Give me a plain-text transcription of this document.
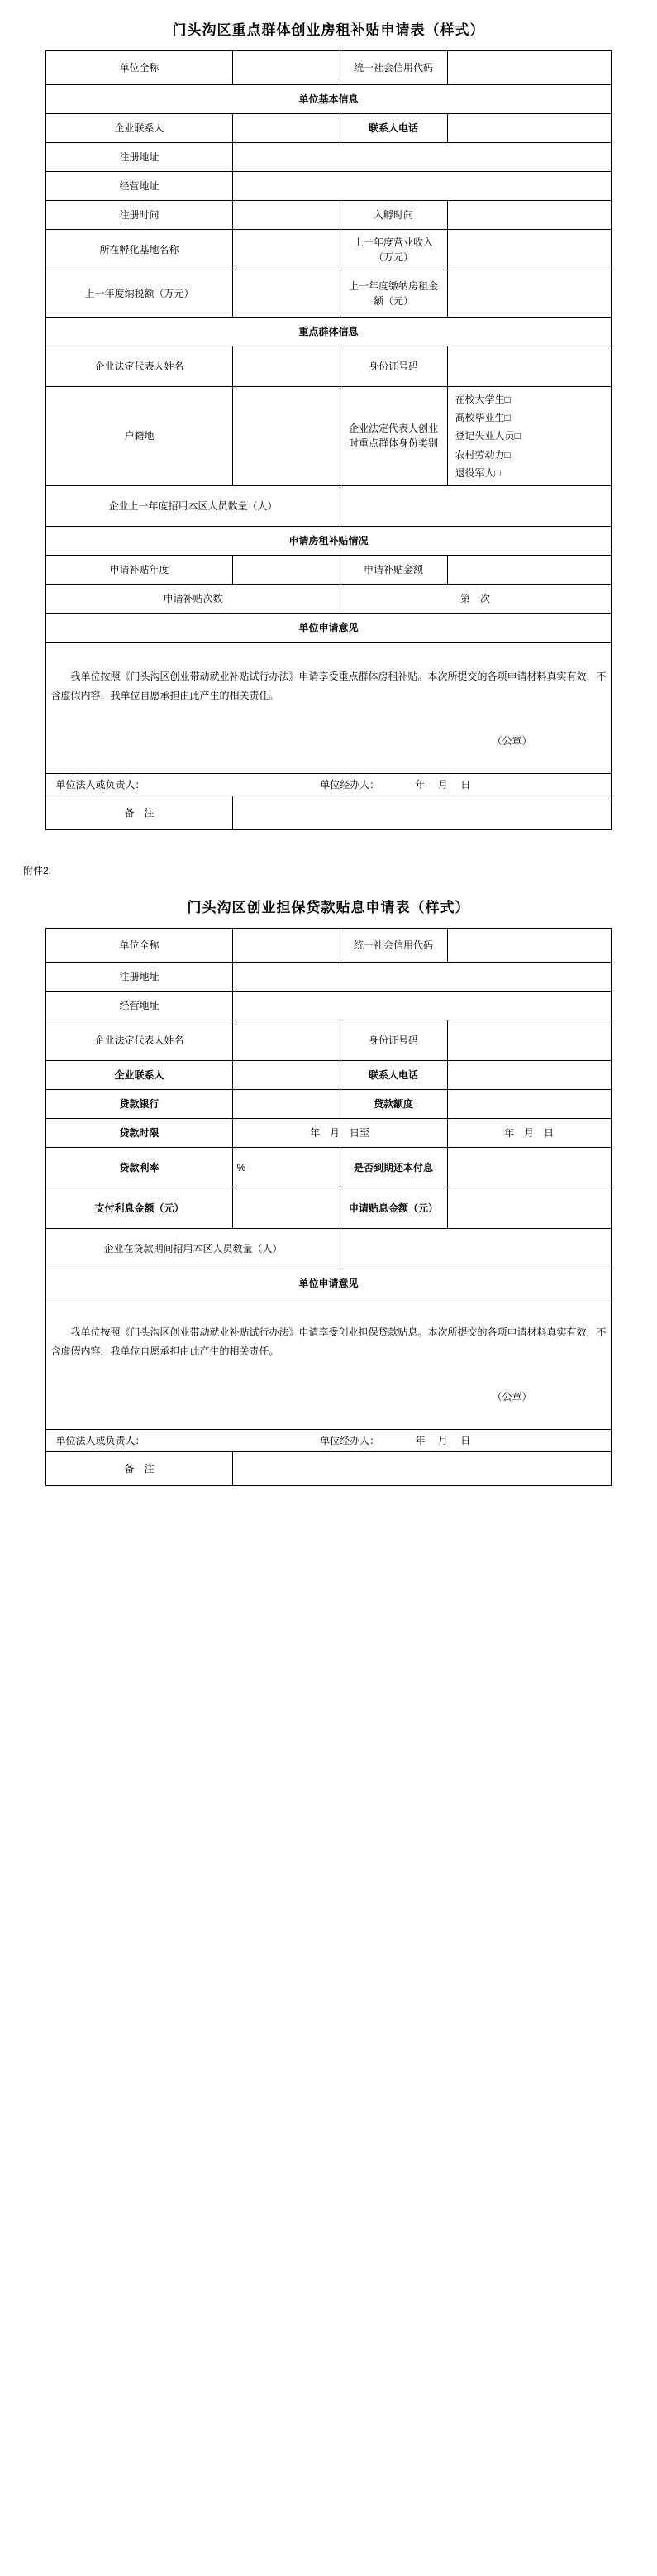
门头沟区重点群体创业房租补贴申请表（样式）
单位全称		统一社会信用代码	
单位基本信息			
企业联系人		联系人电话	
注册地址			
经营地址			
注册时间		入孵时间	
所在孵化基地名称		上一年度营业收入（万元）	
上一年度纳税额（万元）		上一年度缴纳房租金额（元）	
重点群体信息			
企业法定代表人姓名		身份证号码	
户籍地		企业法定代表人创业时重点群体身份类别	在校大学生□
高校毕业生□
登记失业人员□
农村劳动力□
退役军人□

企业上一年度招用本区人员数量（人）			
申请房租补贴情况			
申请补贴年度		申请补贴金额	
申请补贴次数		第　次	
单位申请意见			

我单位按照《门头沟区创业带动就业补贴试行办法》申请享受重点群体房租补贴。本次所提交的各项申请材料真实有效，不含虚假内容，我单位自愿承担由此产生的相关责任。
（公章）			

单位法人或负责人： 单位经办人： 年 月 日			

备　注			

附件2:

门头沟区创业担保贷款贴息申请表（样式）
单位全称		统一社会信用代码	
注册地址			
经营地址			
企业法定代表人姓名		身份证号码	
企业联系人		联系人电话	
贷款银行		贷款额度	
贷款时限	年　月　日至		年　月　日
贷款利率	%	是否到期还本付息	
支付利息金额（元）		申请贴息金额（元）	
企业在贷款期间招用本区人员数量（人）			
单位申请意见			

我单位按照《门头沟区创业带动就业补贴试行办法》申请享受创业担保贷款贴息。本次所提交的各项申请材料真实有效，不含虚假内容，我单位自愿承担由此产生的相关责任。
（公章）			

单位法人或负责人： 单位经办人： 年 月 日			

备　注			
